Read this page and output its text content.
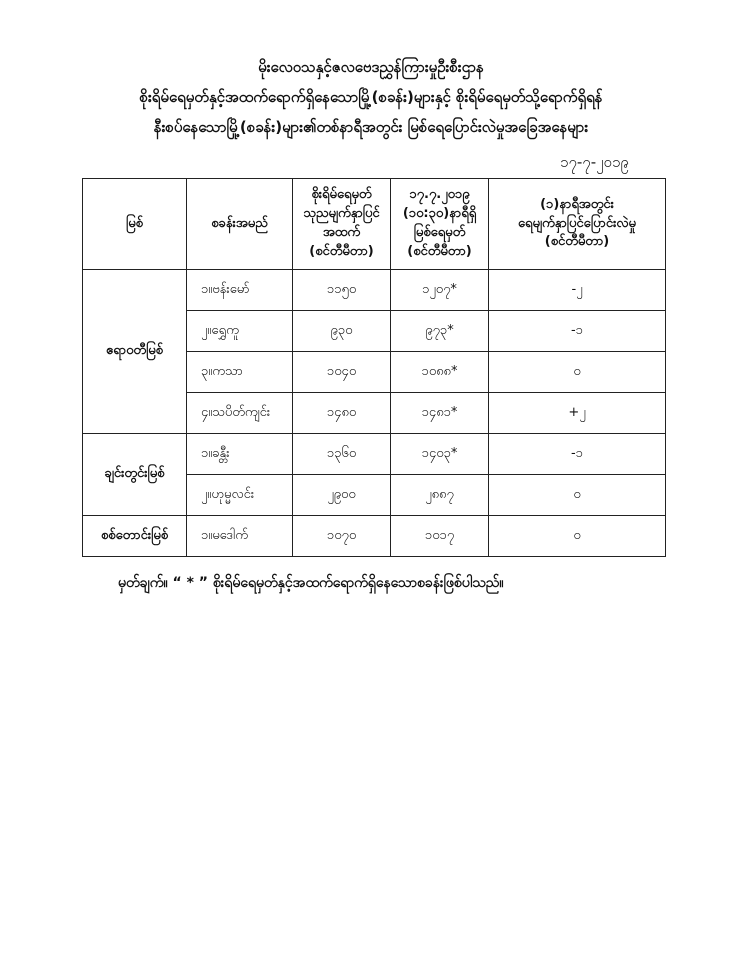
မိုးလေဝသနှင့်ဇလဗေဒညွှန်ကြားမှုဦးစီးဌာန
စိုးရိမ်ရေမှတ်နှင့်အထက်ရောက်ရှိနေသောမြို့(စခန်း)များနှင့် စိုးရိမ်ရေမှတ်သို့ရောက်ရှိရန်
နီးစပ်နေသောမြို့(စခန်း)များ၏တစ်နာရီအတွင်း မြစ်ရေပြောင်းလဲမှုအခြေအနေများ
၁၇-၇-၂၀၁၉
မြစ်	စခန်းအမည်	စိုးရိမ်ရေမှတ်
သုညမျက်နှာပြင်
အထက်
(စင်တီမီတာ)	၁၇.၇.၂၀၁၉
(၁၀:၃၀)နာရီရှိ
မြစ်ရေမှတ်
(စင်တီမီတာ)	(၁)နာရီအတွင်း
ရေမျက်နှာပြင်ပြောင်းလဲမှု
(စင်တီမီတာ)
ဧရာဝတီမြစ်	၁။ဗန်းမော်	၁၁၅၀	၁၂၀၇*	-၂
	၂။ရွှေကူ	၉၃၀	၉၇၃*	-၁
	၃။ကသာ	၁၀၄၀	၁၀၈၈*	၀
	၄။သပိတ်ကျင်း	၁၄၈၀	၁၄၈၁*	+၂
ချင်းတွင်းမြစ်	၁။ခန္တီး	၁၃၆၀	၁၄၀၃*	-၁
	၂။ဟုမ္မလင်း	၂၉၀၀	၂၈၈၇	၀
စစ်တောင်းမြစ်	၁။မဒေါက်	၁၀၇၀	၁၀၁၇	၀
မှတ်ချက်။ “ * ” စိုးရိမ်ရေမှတ်နှင့်အထက်ရောက်ရှိနေသောစခန်းဖြစ်ပါသည်။
